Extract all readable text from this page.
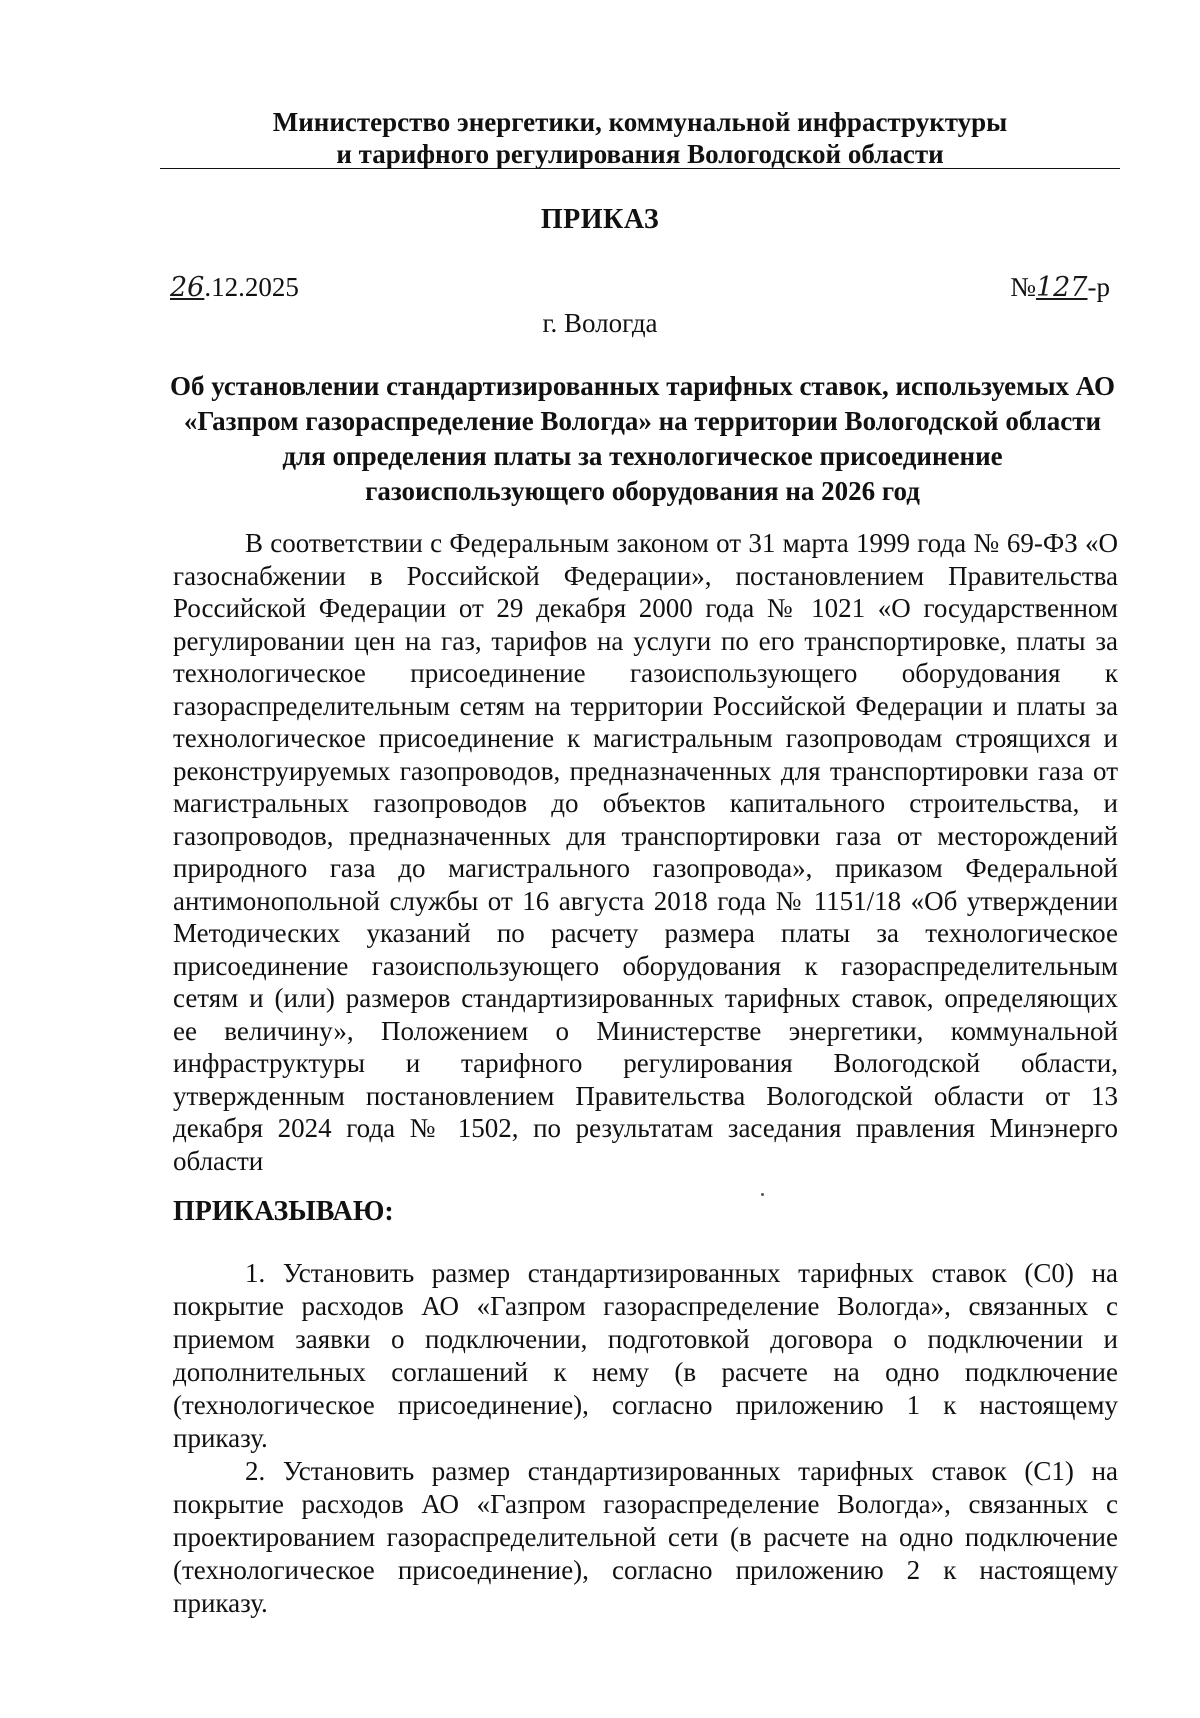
Министерство энергетики, коммунальной инфраструктуры
и тарифного регулирования Вологодской области
ПРИКАЗ
26.12.2025	№127-р
г. Вологда
Об установлении стандартизированных тарифных ставок, используемых АО «Газпром газораспределение Вологда» на территории Вологодской области для определения платы за технологическое присоединение газоиспользующего оборудования на 2026 год
В соответствии с Федеральным законом от 31 марта 1999 года № 69-ФЗ «О газоснабжении в Российской Федерации», постановлением Правительства Российской Федерации от 29 декабря 2000 года № 1021 «О государственном регулировании цен на газ, тарифов на услуги по его транспортировке, платы за технологическое присоединение газоиспользующего оборудования к газораспределительным сетям на территории Российской Федерации и платы за технологическое присоединение к магистральным газопроводам строящихся и реконструируемых газопроводов, предназначенных для транспортировки газа от магистральных газопроводов до объектов капитального строительства, и газопроводов, предназначенных для транспортировки газа от месторождений природного газа до магистрального газопровода», приказом Федеральной антимонопольной службы от 16 августа 2018 года № 1151/18 «Об утверждении Методических указаний по расчету размера платы за технологическое присоединение газоиспользующего оборудования к газораспределительным сетям и (или) размеров стандартизированных тарифных ставок, определяющих ее величину», Положением о Министерстве энергетики, коммунальной инфраструктуры и тарифного регулирования Вологодской области, утвержденным постановлением Правительства Вологодской области от 13 декабря 2024 года № 1502, по результатам заседания правления Минэнерго области
ПРИКАЗЫВАЮ:

1. Установить размер стандартизированных тарифных ставок (С0) на покрытие расходов АО «Газпром газораспределение Вологда», связанных с приемом заявки о подключении, подготовкой договора о подключении и дополнительных соглашений к нему (в расчете на одно подключение (технологическое присоединение), согласно приложению 1 к настоящему приказу.

2. Установить размер стандартизированных тарифных ставок (С1) на покрытие расходов АО «Газпром газораспределение Вологда», связанных с проектированием газораспределительной сети (в расчете на одно подключение (технологическое присоединение), согласно приложению 2 к настоящему приказу.
